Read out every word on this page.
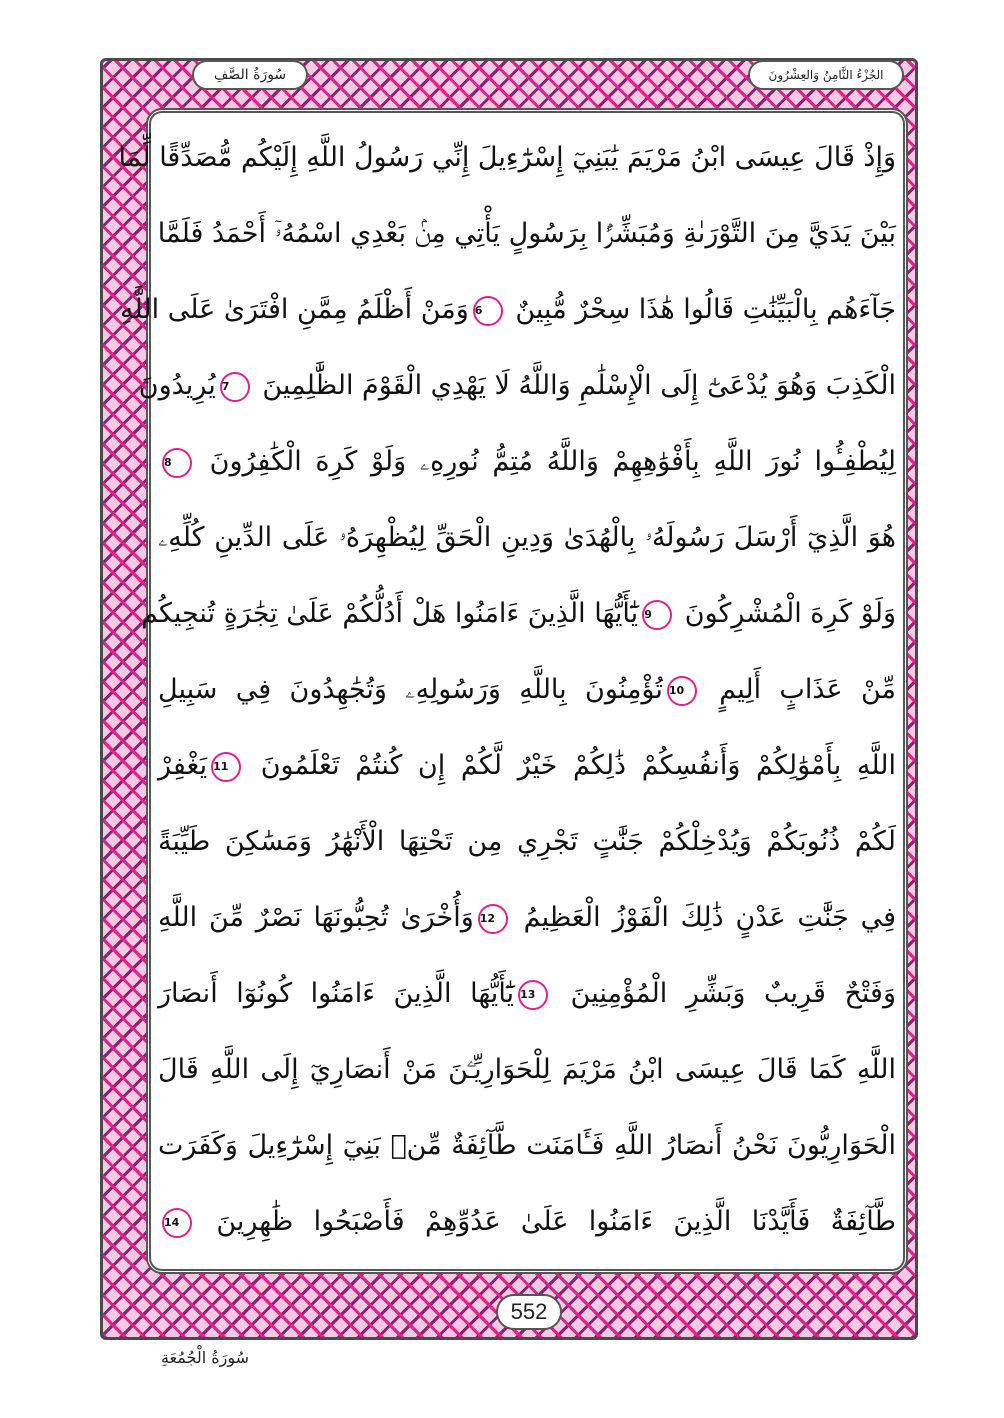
سُورَةُ الصَّفِ	الجُزْءُ الثَّامِنُ وَالعِشْرُونَ
وَإِذْ قَالَ عِيسَى ابْنُ مَرْيَمَ يَٰبَنِيٓ إِسْرَٰٓءِيلَ إِنِّي رَسُولُ اللَّهِ إِلَيْكُم مُّصَدِّقًا لِّمَا
بَيْنَ يَدَيَّ مِنَ التَّوْرَىٰةِ وَمُبَشِّرًۢا بِرَسُولٍ يَأْتِي مِنۢ بَعْدِي اسْمُهُۥٓ أَحْمَدُ فَلَمَّا
جَآءَهُم بِالْبَيِّنَٰتِ قَالُوا هَٰذَا سِحْرٌ مُّبِينٌ 6وَمَنْ أَظْلَمُ مِمَّنِ افْتَرَىٰ عَلَى اللَّهِ
الْكَذِبَ وَهُوَ يُدْعَىٰٓ إِلَى الْإِسْلَٰمِ وَاللَّهُ لَا يَهْدِي الْقَوْمَ الظَّٰلِمِينَ 7يُرِيدُونَ
لِيُطْفِـُٔوا نُورَ اللَّهِ بِأَفْوَٰهِهِمْ وَاللَّهُ مُتِمُّ نُورِهِۦ وَلَوْ كَرِهَ الْكَٰفِرُونَ 8
هُوَ الَّذِيٓ أَرْسَلَ رَسُولَهُۥ بِالْهُدَىٰ وَدِينِ الْحَقِّ لِيُظْهِرَهُۥ عَلَى الدِّينِ كُلِّهِۦ
وَلَوْ كَرِهَ الْمُشْرِكُونَ 9يَٰٓأَيُّهَا الَّذِينَ ءَامَنُوا هَلْ أَدُلُّكُمْ عَلَىٰ تِجَٰرَةٍ تُنجِيكُم
مِّنْ عَذَابٍ أَلِيمٍ 10تُؤْمِنُونَ بِاللَّهِ وَرَسُولِهِۦ وَتُجَٰهِدُونَ فِي سَبِيلِ
اللَّهِ بِأَمْوَٰلِكُمْ وَأَنفُسِكُمْ ذَٰلِكُمْ خَيْرٌ لَّكُمْ إِن كُنتُمْ تَعْلَمُونَ 11يَغْفِرْ
لَكُمْ ذُنُوبَكُمْ وَيُدْخِلْكُمْ جَنَّٰتٍ تَجْرِي مِن تَحْتِهَا الْأَنْهَٰرُ وَمَسَٰكِنَ طَيِّبَةً
فِي جَنَّٰتِ عَدْنٍ ذَٰلِكَ الْفَوْزُ الْعَظِيمُ 12وَأُخْرَىٰ تُحِبُّونَهَا نَصْرٌ مِّنَ اللَّهِ
وَفَتْحٌ قَرِيبٌ وَبَشِّرِ الْمُؤْمِنِينَ 13يَٰٓأَيُّهَا الَّذِينَ ءَامَنُوا كُونُوٓا أَنصَارَ
اللَّهِ كَمَا قَالَ عِيسَى ابْنُ مَرْيَمَ لِلْحَوَارِيِّـۧنَ مَنْ أَنصَارِيٓ إِلَى اللَّهِ قَالَ
الْحَوَارِيُّونَ نَحْنُ أَنصَارُ اللَّهِ فَـَٔامَنَت طَّآئِفَةٌ مِّنۢ بَنِيٓ إِسْرَٰٓءِيلَ وَكَفَرَت
طَّآئِفَةٌ فَأَيَّدْنَا الَّذِينَ ءَامَنُوا عَلَىٰ عَدُوِّهِمْ فَأَصْبَحُوا ظَٰهِرِينَ 14
552
سُورَةُ الْجُمُعَةِ
